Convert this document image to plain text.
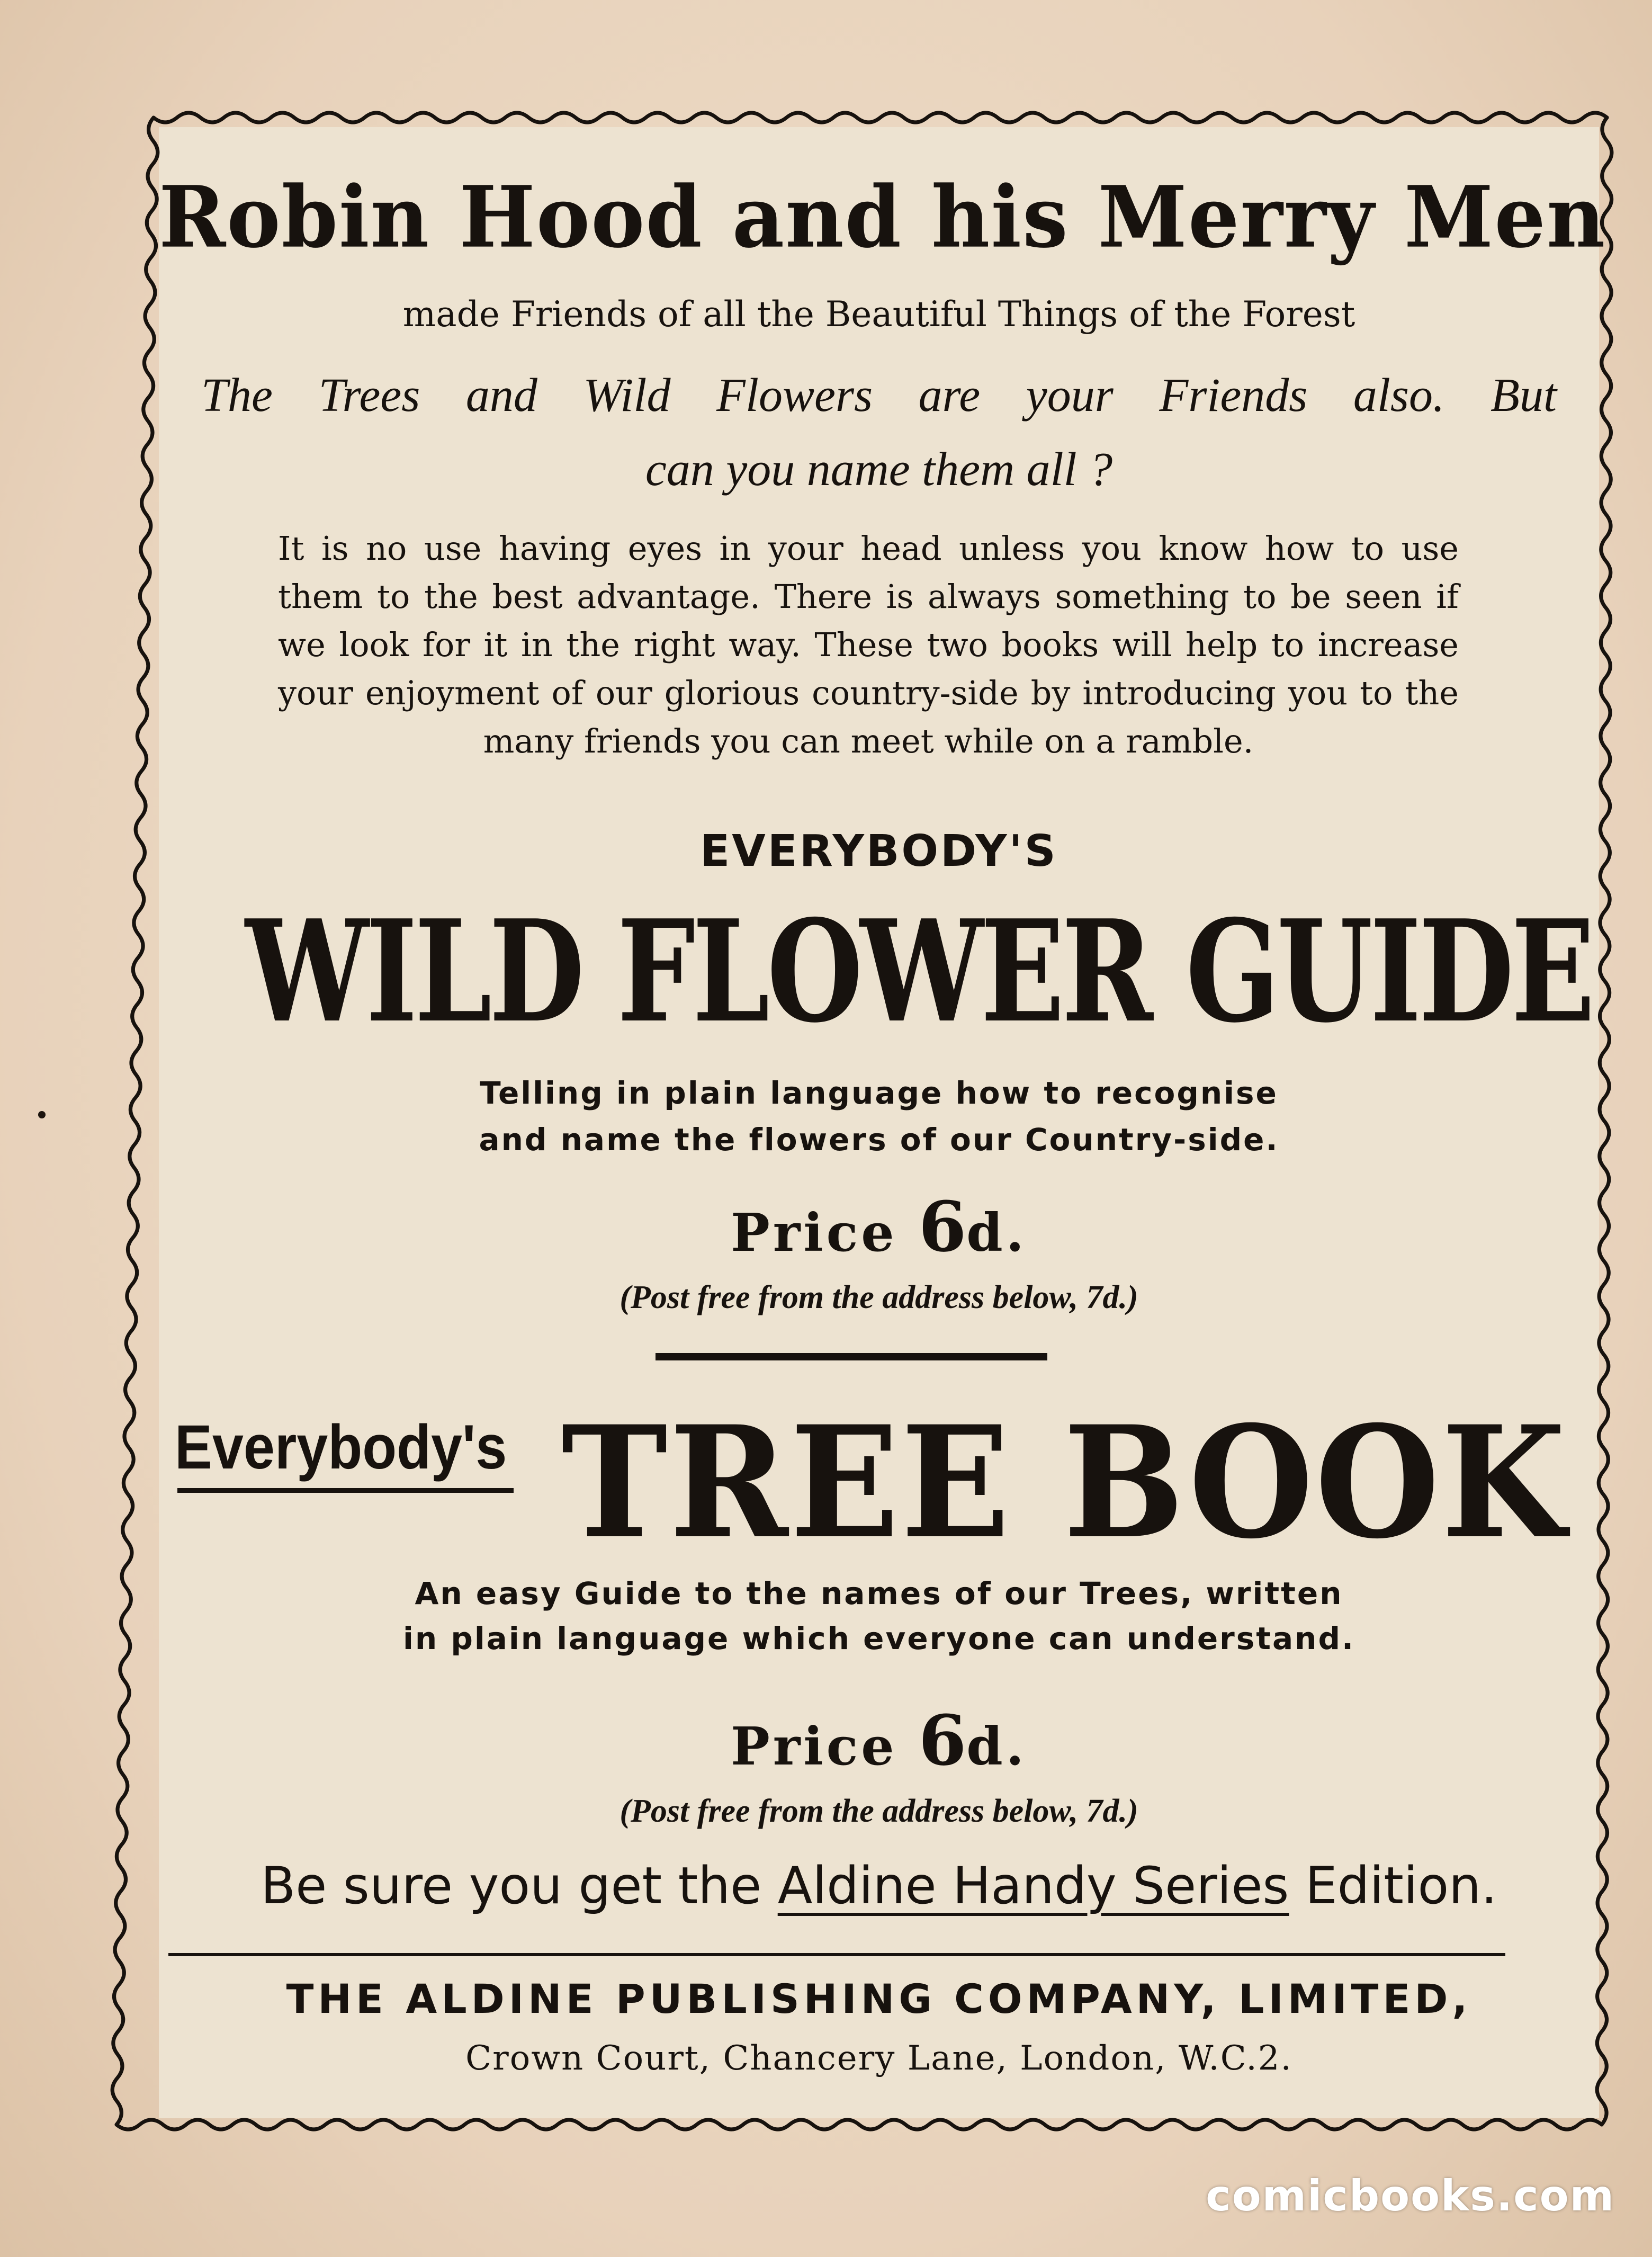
Robin Hood and his Merry Men

made Friends of all the Beautiful Things of the Forest

The Trees and Wild Flowers are your Friends also. But

can you name them all ?

It is no use having eyes in your head unless you know how to use them to the best advantage. There is always something to be seen if we look for it in the right way. These two books will help to increase your enjoyment of our glorious country-side by introducing you to the many friends you can meet while on a ramble.

EVERYBODY'S

WILD FLOWER GUIDE

Telling in plain language how to recognise

and name the flowers of our Country-side.

Price 6d.

(Post free from the address below, 7d.)

Everybody's TREE BOOK

An easy Guide to the names of our Trees, written

in plain language which everyone can understand.

Price 6d.

(Post free from the address below, 7d.)

Be sure you get the Aldine Handy Series Edition.

THE ALDINE PUBLISHING COMPANY, LIMITED,

Crown Court, Chancery Lane, London, W.C.2.

comicbooks.com
